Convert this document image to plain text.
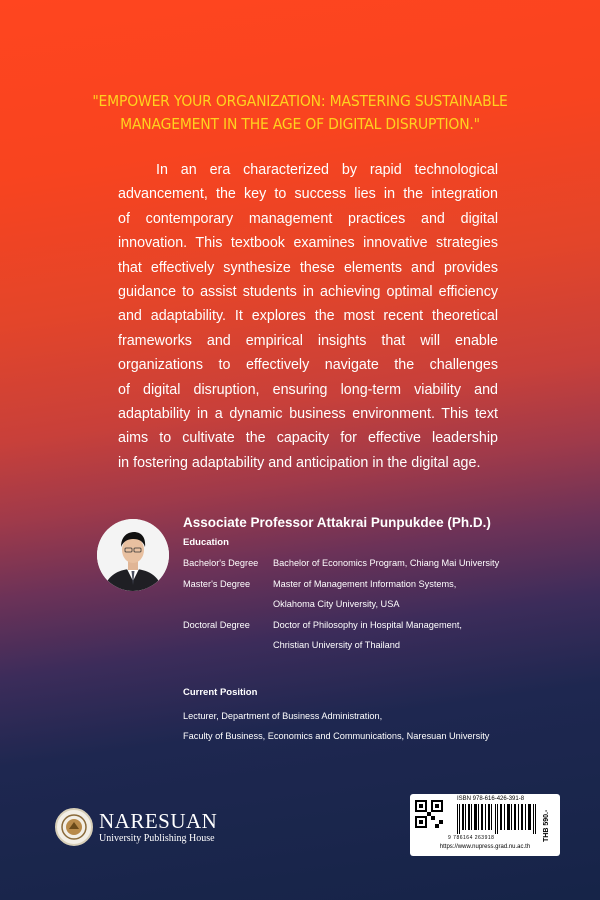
"EMPOWER YOUR ORGANIZATION: MASTERING SUSTAINABLE
MANAGEMENT IN THE AGE OF DIGITAL DISRUPTION."
In an era characterized by rapid technological
advancement, the key to success lies in the integration
of contemporary management practices and digital
innovation. This textbook examines innovative strategies
that effectively synthesize these elements and provides
guidance to assist students in achieving optimal efficiency
and adaptability. It explores the most recent theoretical
frameworks and empirical insights that will enable
organizations to effectively navigate the challenges
of digital disruption, ensuring long-term viability and
adaptability in a dynamic business environment. This text
aims to cultivate the capacity for effective leadership
in fostering adaptability and anticipation in the digital age.
Associate Professor Attakrai Punpukdee (Ph.D.)
Education
Bachelor's Degree	Bachelor of Economics Program, Chiang Mai University
Master's Degree	Master of Management Information Systems,
Oklahoma City University, USA
Doctoral Degree	Doctor of Philosophy in Hospital Management,
Christian University of Thailand
Current Position
Lecturer, Department of Business Administration,
Faculty of Business, Economics and Communications, Naresuan University
NARESUAN
University Publishing House
ISBN 978-616-426-391-8
9 786164 263918	THB 590.-
https://www.nupress.grad.nu.ac.th
